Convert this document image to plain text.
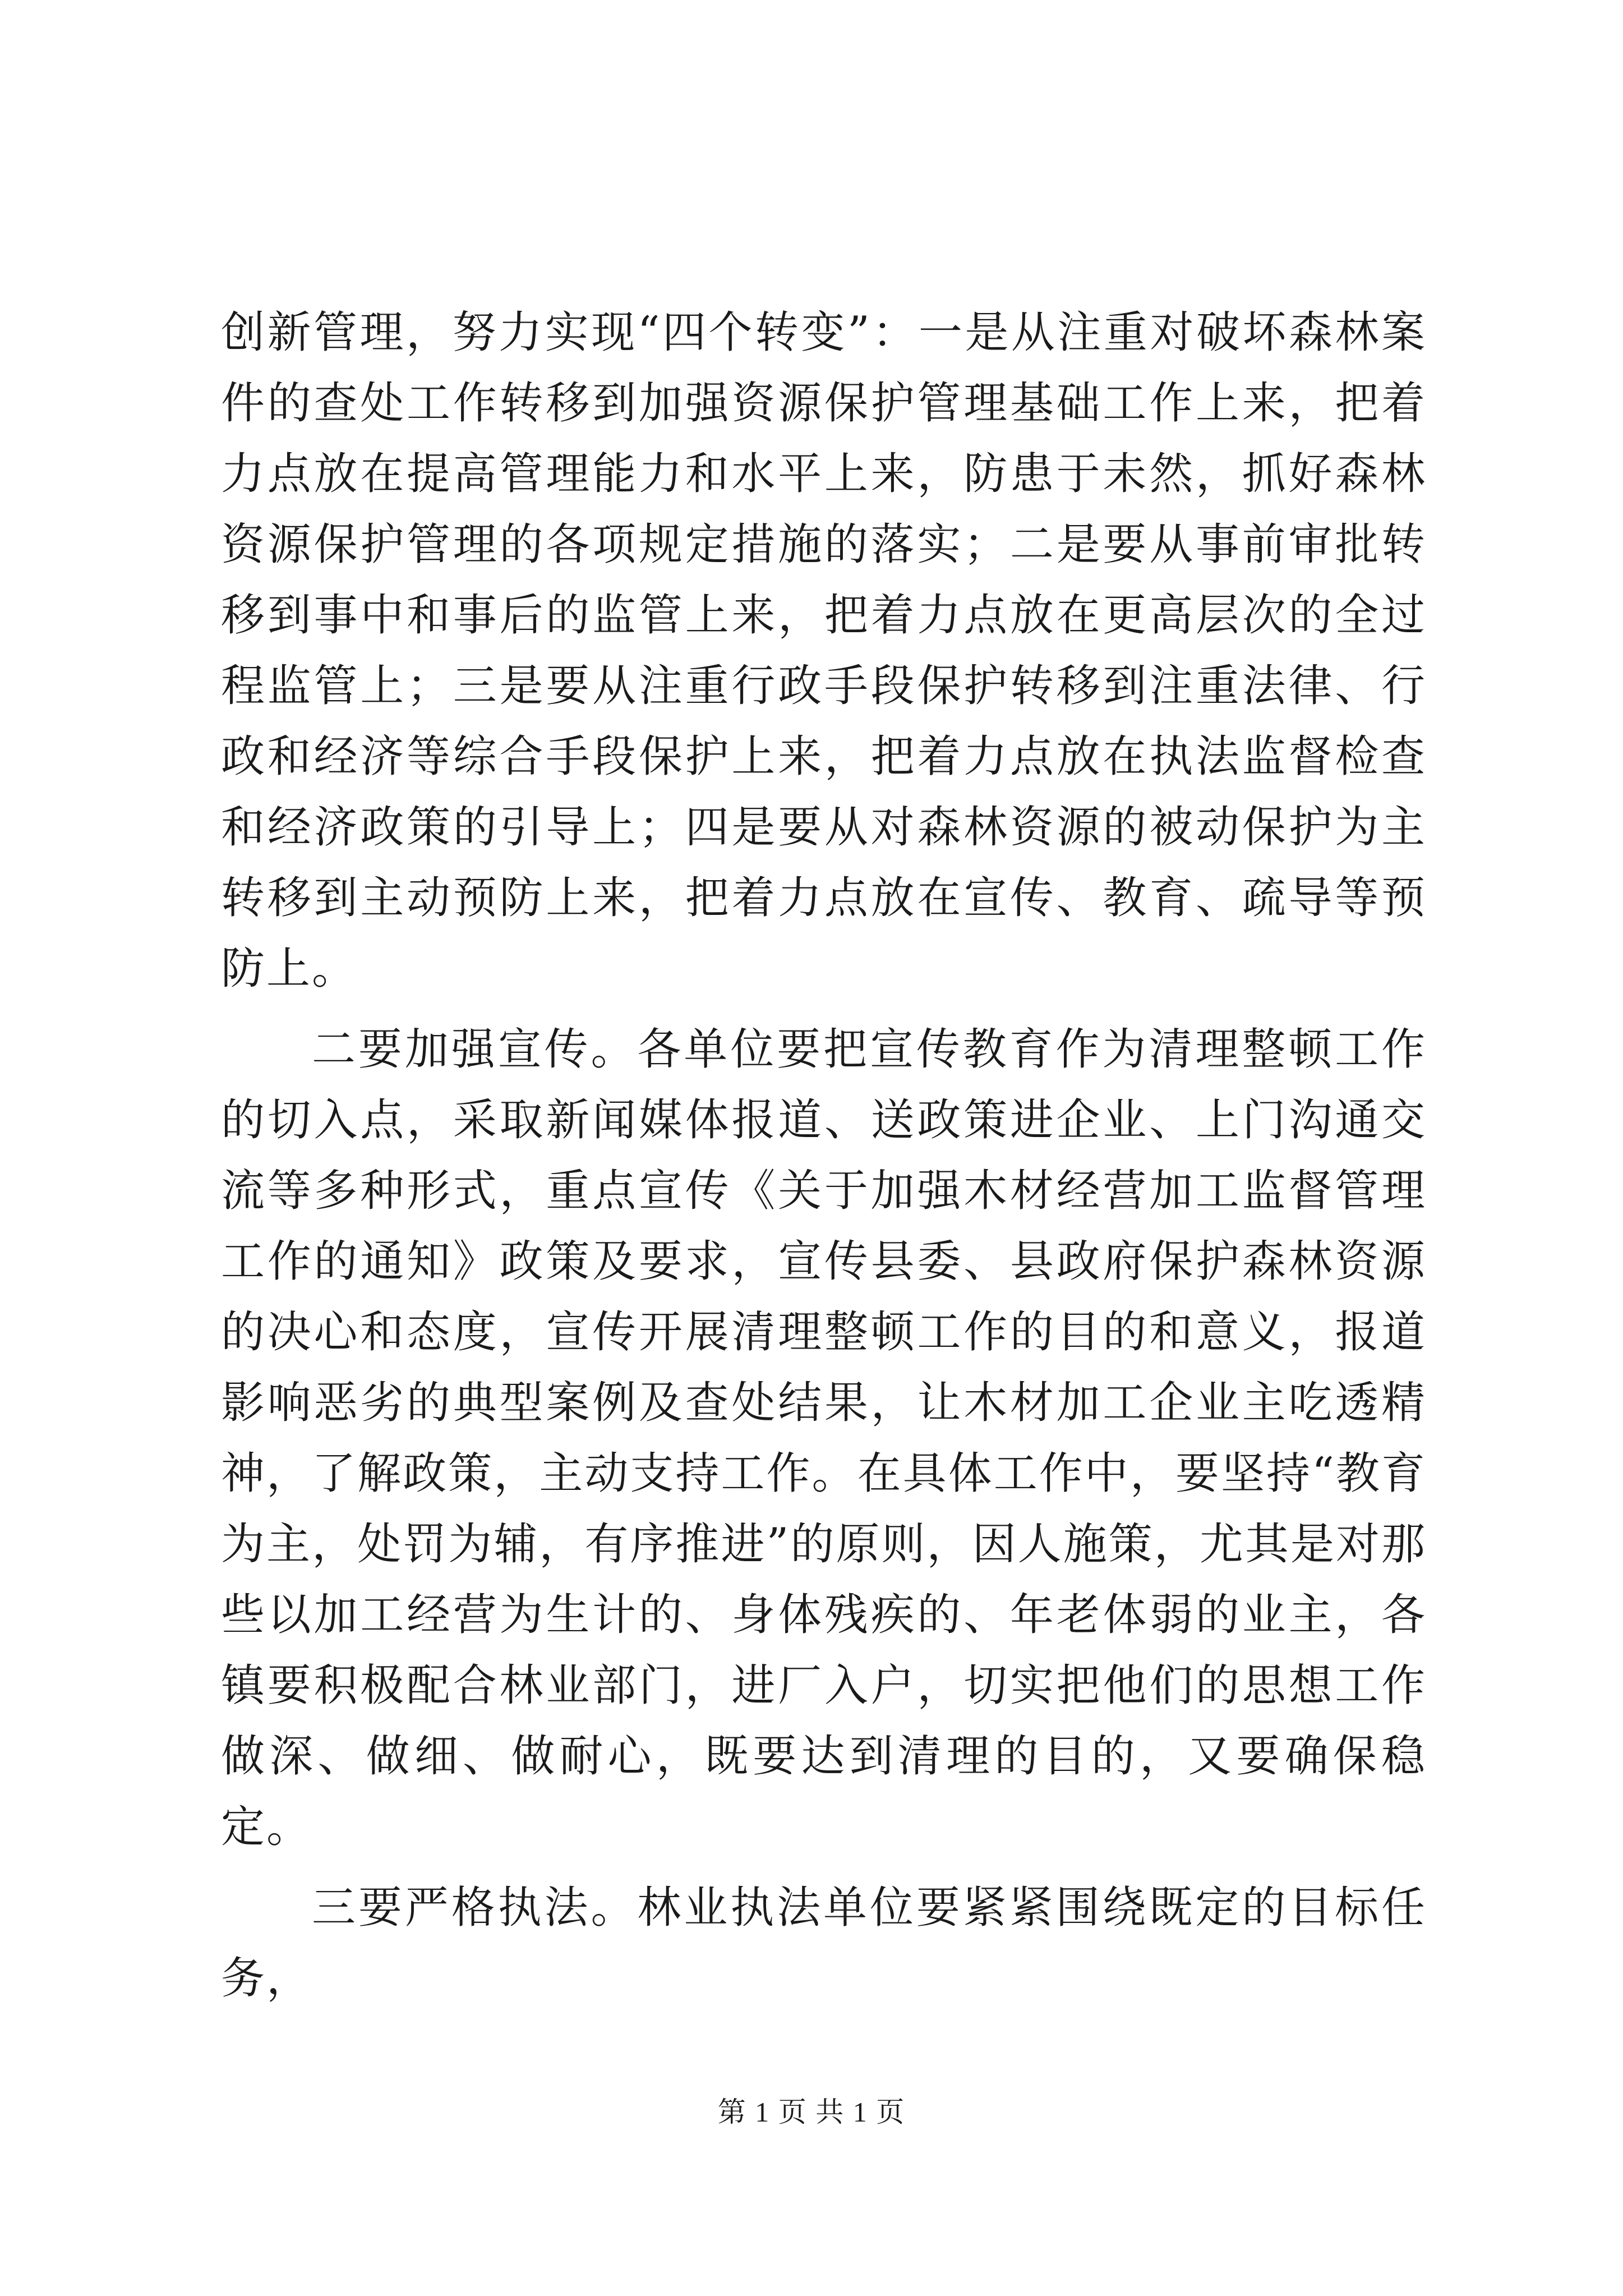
创新管理，努力实现“四个转变”：一是从注重对破坏森林案件的查处工作转移到加强资源保护管理基础工作上来，把着力点放在提高管理能力和水平上来，防患于未然，抓好森林资源保护管理的各项规定措施的落实；二是要从事前审批转移到事中和事后的监管上来，把着力点放在更高层次的全过程监管上；三是要从注重行政手段保护转移到注重法律、行政和经济等综合手段保护上来，把着力点放在执法监督检查和经济政策的引导上；四是要从对森林资源的被动保护为主转移到主动预防上来，把着力点放在宣传、教育、疏导等预防上。

二要加强宣传。各单位要把宣传教育作为清理整顿工作的切入点，采取新闻媒体报道、送政策进企业、上门沟通交流等多种形式，重点宣传《关于加强木材经营加工监督管理工作的通知》政策及要求，宣传县委、县政府保护森林资源的决心和态度，宣传开展清理整顿工作的目的和意义，报道影响恶劣的典型案例及查处结果，让木材加工企业主吃透精神，了解政策，主动支持工作。在具体工作中，要坚持“教育为主，处罚为辅，有序推进”的原则，因人施策，尤其是对那些以加工经营为生计的、身体残疾的、年老体弱的业主，各镇要积极配合林业部门，进厂入户，切实把他们的思想工作做深、做细、做耐心，既要达到清理的目的，又要确保稳定。

三要严格执法。林业执法单位要紧紧围绕既定的目标任务，

第 1 页 共 1 页
